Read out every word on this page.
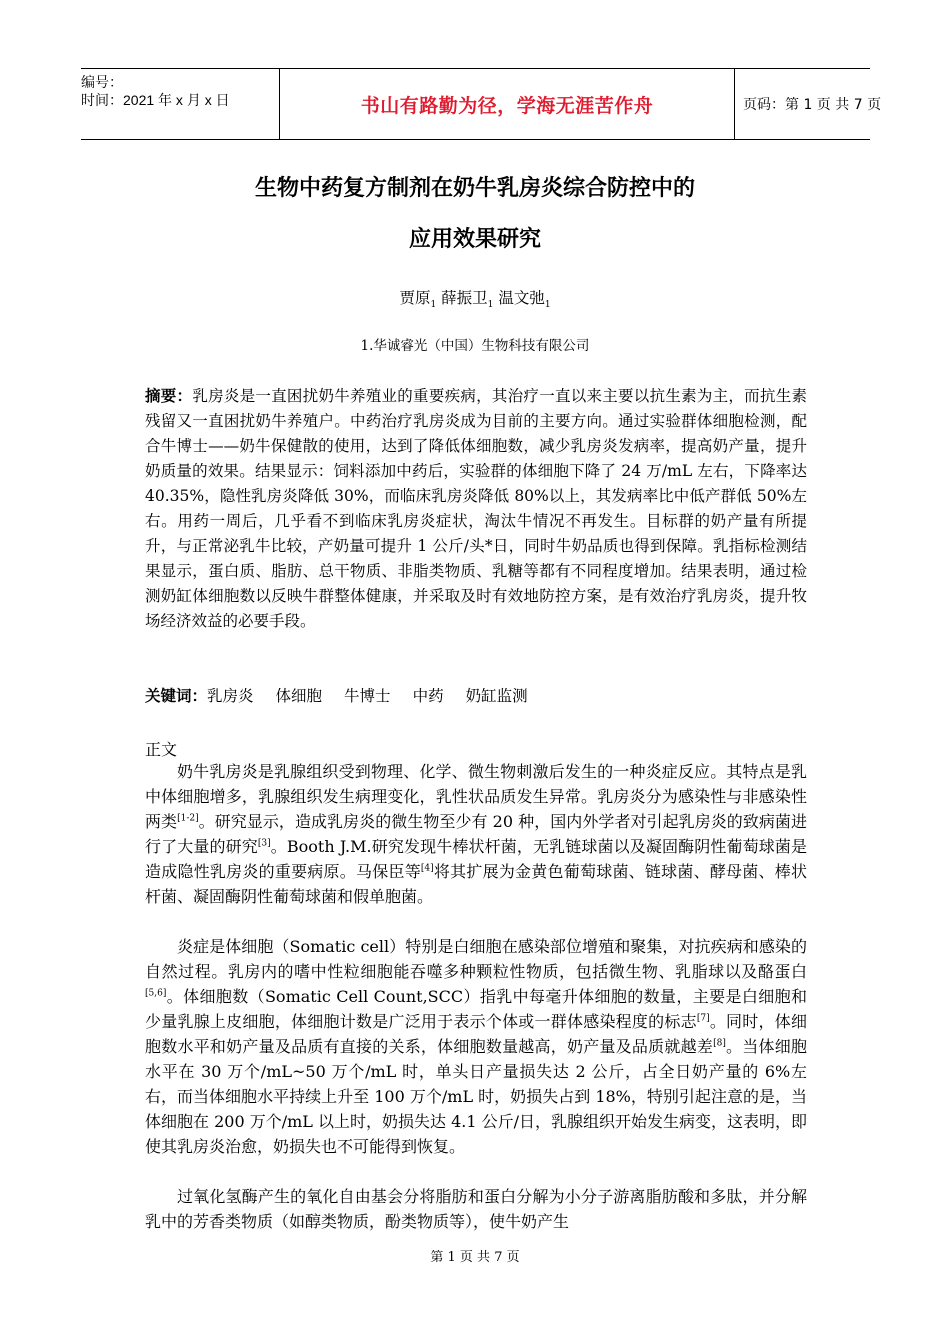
编号：
时间：2021 年 x 月 x 日	书山有路勤为径，学海无涯苦作舟	页码：第 1 页 共 7 页
生物中药复方制剂在奶牛乳房炎综合防控中的
应用效果研究
贾原$_1$ 薛振卫$_1$ 温文弛$_1$
1.华诚睿光（中国）生物科技有限公司
摘要：乳房炎是一直困扰奶牛养殖业的重要疾病，其治疗一直以来主要以抗生素为主，而抗生素残留又一直困扰奶牛养殖户。中药治疗乳房炎成为目前的主要方向。通过实验群体细胞检测，配合牛博士——奶牛保健散的使用，达到了降低体细胞数，减少乳房炎发病率，提高奶产量，提升奶质量的效果。结果显示：饲料添加中药后，实验群的体细胞下降了 24 万/mL 左右，下降率达 40.35%，隐性乳房炎降低 30%，而临床乳房炎降低 80%以上，其发病率比中低产群低 50%左右。用药一周后，几乎看不到临床乳房炎症状，淘汰牛情况不再发生。目标群的奶产量有所提升，与正常泌乳牛比较，产奶量可提升 1 公斤/头*日，同时牛奶品质也得到保障。乳指标检测结果显示，蛋白质、脂肪、总干物质、非脂类物质、乳糖等都有不同程度增加。结果表明，通过检测奶缸体细胞数以反映牛群整体健康，并采取及时有效地防控方案，是有效治疗乳房炎，提升牧场经济效益的必要手段。
关键词：乳房炎 体细胞 牛博士 中药 奶缸监测
正文
奶牛乳房炎是乳腺组织受到物理、化学、微生物刺激后发生的一种炎症反应。其特点是乳中体细胞增多，乳腺组织发生病理变化，乳性状品质发生异常。乳房炎分为感染性与非感染性两类[1-2]。研究显示，造成乳房炎的微生物至少有 20 种，国内外学者对引起乳房炎的致病菌进行了大量的研究[3]。Booth J.M.研究发现牛棒状杆菌，无乳链球菌以及凝固酶阴性葡萄球菌是造成隐性乳房炎的重要病原。马保臣等[4]将其扩展为金黄色葡萄球菌、链球菌、酵母菌、棒状杆菌、凝固酶阴性葡萄球菌和假单胞菌。
炎症是体细胞（Somatic cell）特别是白细胞在感染部位增殖和聚集，对抗疾病和感染的自然过程。乳房内的嗜中性粒细胞能吞噬多种颗粒性物质，包括微生物、乳脂球以及酪蛋白[5,6]。体细胞数（Somatic Cell Count,SCC）指乳中每毫升体细胞的数量，主要是白细胞和少量乳腺上皮细胞，体细胞计数是广泛用于表示个体或一群体感染程度的标志[7]。同时，体细胞数水平和奶产量及品质有直接的关系，体细胞数量越高，奶产量及品质就越差[8]。当体细胞水平在 30 万个/mL~50 万个/mL 时，单头日产量损失达 2 公斤，占全日奶产量的 6%左右，而当体细胞水平持续上升至 100 万个/mL 时，奶损失占到 18%，特别引起注意的是，当体细胞在 200 万个/mL 以上时，奶损失达 4.1 公斤/日，乳腺组织开始发生病变，这表明，即使其乳房炎治愈，奶损失也不可能得到恢复。
过氧化氢酶产生的氧化自由基会分将脂肪和蛋白分解为小分子游离脂肪酸和多肽，并分解乳中的芳香类物质（如醇类物质，酚类物质等），使牛奶产生
第 1 页 共 7 页
